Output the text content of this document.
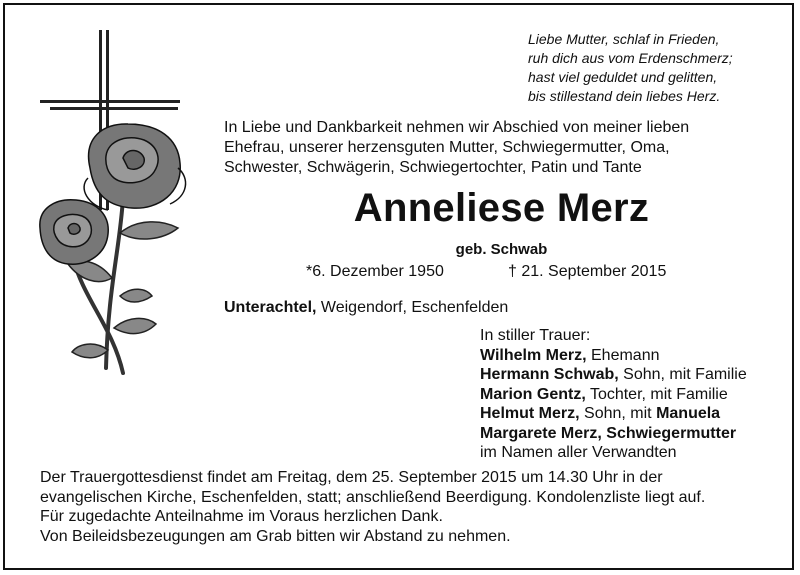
Liebe Mutter, schlaf in Frieden,
ruh dich aus vom Erdenschmerz;
hast viel geduldet und gelitten,
bis stillestand dein liebes Herz.
In Liebe und Dankbarkeit nehmen wir Abschied von meiner lieben
Ehefrau, unserer herzensguten Mutter, Schwiegermutter, Oma,
Schwester, Schwägerin, Schwiegertochter, Patin und Tante
Anneliese Merz
geb. Schwab
*6. Dezember 1950	† 21. September 2015
Unterachtel, Weigendorf, Eschenfelden
In stiller Trauer:
Wilhelm Merz, Ehemann
Hermann Schwab, Sohn, mit Familie
Marion Gentz, Tochter, mit Familie
Helmut Merz, Sohn, mit Manuela
Margarete Merz, Schwiegermutter
im Namen aller Verwandten
Der Trauergottesdienst findet am Freitag, dem 25. September 2015 um 14.30 Uhr in der
evangelischen Kirche, Eschenfelden, statt; anschließend Beerdigung. Kondolenzliste liegt auf.
Für zugedachte Anteilnahme im Voraus herzlichen Dank.
Von Beileidsbezeugungen am Grab bitten wir Abstand zu nehmen.
